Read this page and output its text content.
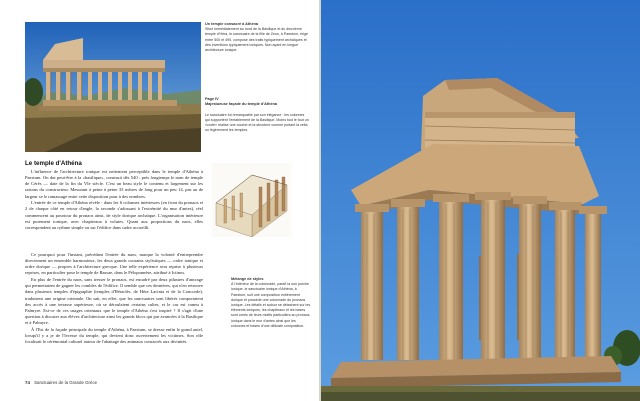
Un temple consacré à Athéna
Situé immédiatement au nord de la Basilique et du deuxième temple d'Héra, le sanctuaire de la fille de Zeus, à Paestum, érigé entre 500 et 490, compose des traits typiquement archaïques et des inventions typiquement ioniques. Non ayant en longue architecture ionique.

Page IV
Majestueuse façade du temple d'Athéna

Le sanctuaire fut remarquable par son élégance : les colonnes qui supportent l'entablement de la Basilique. Moins tout le tout un «corte» réalise une courbe et la structure comme portant la cella ou légèrement les temples.

Le temple d'Athéna

L'influence de l'architecture ionique est nettement perceptible dans le temple d'Athéna à Paestum. On dut peut-être à la «basilique», construit dès 540 : près longtemps le nom de temple de Cérès — date de la fin du VIe siècle. C'est un beau style le contenu et largement sur les raisons du constructeur. Mesurant à peine à peine 33 mètres de long pour un peu 14, pas au de largeur se le ramassage entre cette disposition pour à des nombres.

L'entrée de ce temple d'Athéna révèle : dans les 6 colonnes intérieures (en front du pronaos et 2 de chaque côté en retour d'angle, la seconde s'adossant à l'extrémité du mur d'antes), réel commencent au pourtour du pronaos ainsi, de style dorique archaïque. L'organisation intérieure est purement ionique, avec chapiteaux à volutes. Quant aux proportions du naos, elles correspondent au rythme simple ou sur l'édifice dans cadre accueilli.

Ce pourquoi pour l'instant, précédant l'entrée du naos, marque la volonté d'entreprendre directement un ensemble harmonieux, les deux grands courants stylistiques — ordre ionique et ordre dorique — propres à l'architecture grecque. Une telle expérience sera reprise à plusieurs reprises, en particulier pour le temple de Bassae, dans le Péloponnèse, attribué à Ictinos.

En plus de l'entrée du naos, sans tresser le pronaos, est encadré par deux pilastres d'ancrage qui permettaient de gagner les combles de l'édifice. Il semble que ces dernières, qui n'en retrouve dans plusieurs temples d'épigraphie (temples d'Héraclès, de Héra Lacinia et de la Concorde), traduisent une origine orientale. On sait, en effet, que les sanctuaires sont libérés comportaient des accès à une terrasse supérieure, où se déroulaient certains cultes, et le cas est connu à Palmyre. Est-ce de ces usages orientaux que le temple d'Athéna s'est inspiré ? Il s'agit d'une question à discuter aux élèves d'architecture ainsi les grands blocs qui par avancées à la Basilique et à Palmyre.

À l'Est de la façade principale du temple d'Athéna, à Paestum, se dresse enfin le grand autel, lorsqu'il y a je de l'Ivresse du temple, qui devient donc ouvertement les victimes. Son rôle focalisait le cérémonial culturel autour de l'abattage des animaux consacrés aux divinités.

Mélange de styles
À l'intérieur de la colonnade, paraît la son porche ionique, le sanctuaire ionique d'Athéna, à Paestum, suit une composition entièrement dorique et possède une colonnade du pronaos ionique. Les détails et autour se détachent sur les éléments ioniques, les chapiteaux et les bases sont ornés de leurs motifs particuliers au pronaos ionique dans le mur d'antes ainsi que les colonnes et bases d'une délicate composition.
74 Sanctuaires de la Grande Grèce
